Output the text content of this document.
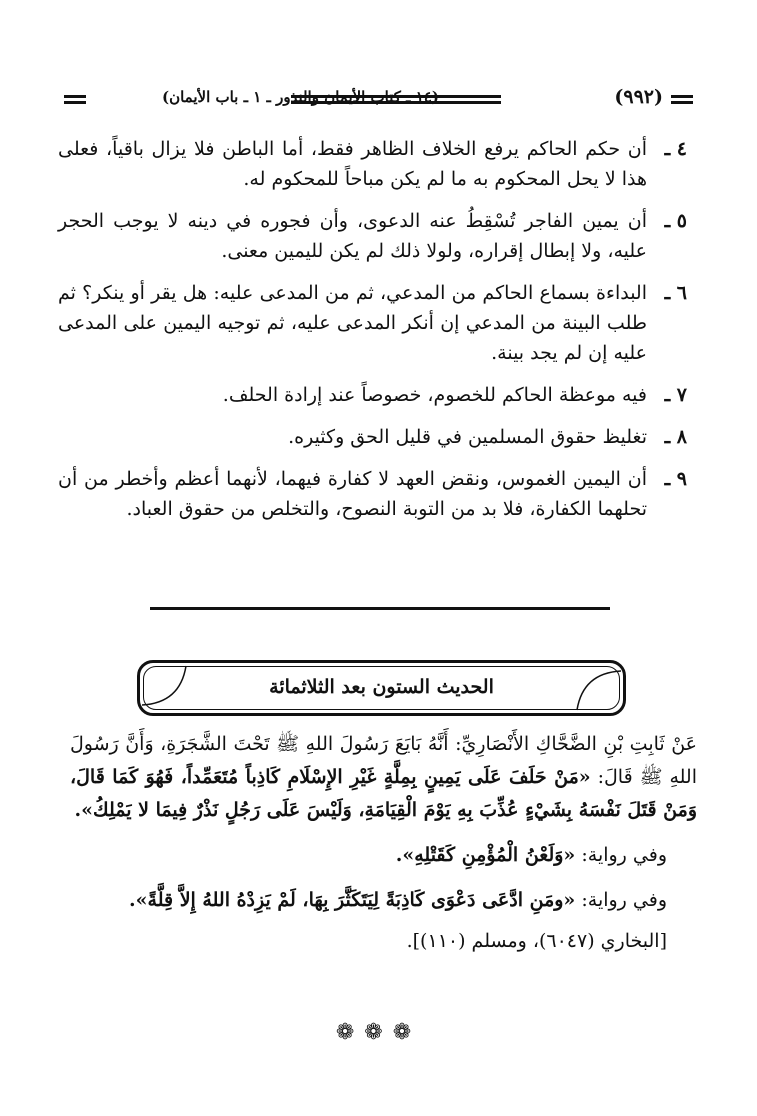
(٩٩٢)
(١٤ ـ كتاب الأيمان والنذور ـ ١ ـ باب الأيمان)
٤ ـ
أن حكم الحاكم يرفع الخلاف الظاهر فقط، أما الباطن فلا يزال باقياً، فعلى هذا لا يحل المحكوم به ما لم يكن مباحاً للمحكوم له.
٥ ـ
أن يمين الفاجر تُسْقِطُ عنه الدعوى، وأن فجوره في دينه لا يوجب الحجر عليه، ولا إبطال إقراره، ولولا ذلك لم يكن لليمين معنى.
٦ ـ
البداءة بسماع الحاكم من المدعي، ثم من المدعى عليه: هل يقر أو ينكر؟ ثم طلب البينة من المدعي إن أنكر المدعى عليه، ثم توجيه اليمين على المدعى عليه إن لم يجد بينة.
٧ ـ
فيه موعظة الحاكم للخصوم، خصوصاً عند إرادة الحلف.
٨ ـ
تغليظ حقوق المسلمين في قليل الحق وكثيره.
٩ ـ
أن اليمين الغموس، ونقض العهد لا كفارة فيهما، لأنهما أعظم وأخطر من أن تحلهما الكفارة، فلا بد من التوبة النصوح، والتخلص من حقوق العباد.
الحديث الستون بعد الثلاثمائة
عَنْ ثَابِتِ بْنِ الضَّحَّاكِ الأَنْصَارِيِّ: أَنَّهُ بَايَعَ رَسُولَ اللهِ ﷺ تَحْتَ الشَّجَرَةِ، وَأَنَّ رَسُولَ اللهِ ﷺ قَالَ: «مَنْ حَلَفَ عَلَى يَمِينٍ بِمِلَّةٍ غَيْرِ الإِسْلَامِ كَاذِباً مُتَعَمِّداً، فَهُوَ كَمَا قَالَ، وَمَنْ قَتَلَ نَفْسَهُ بِشَيْءٍ عُذِّبَ بِهِ يَوْمَ الْقِيَامَةِ، وَلَيْسَ عَلَى رَجُلٍ نَذْرٌ فِيمَا لا يَمْلِكُ».
وفي رواية: «وَلَعْنُ الْمُؤْمِنِ كَقَتْلِهِ».
وفي رواية: «ومَنِ ادَّعَى دَعْوَى كَاذِبَةً لِيَتَكَثَّرَ بِهَا، لَمْ يَزِدْهُ اللهُ إِلاَّ قِلَّةً».
[البخاري (٦٠٤٧)، ومسلم (١١٠)].
❁❁❁
